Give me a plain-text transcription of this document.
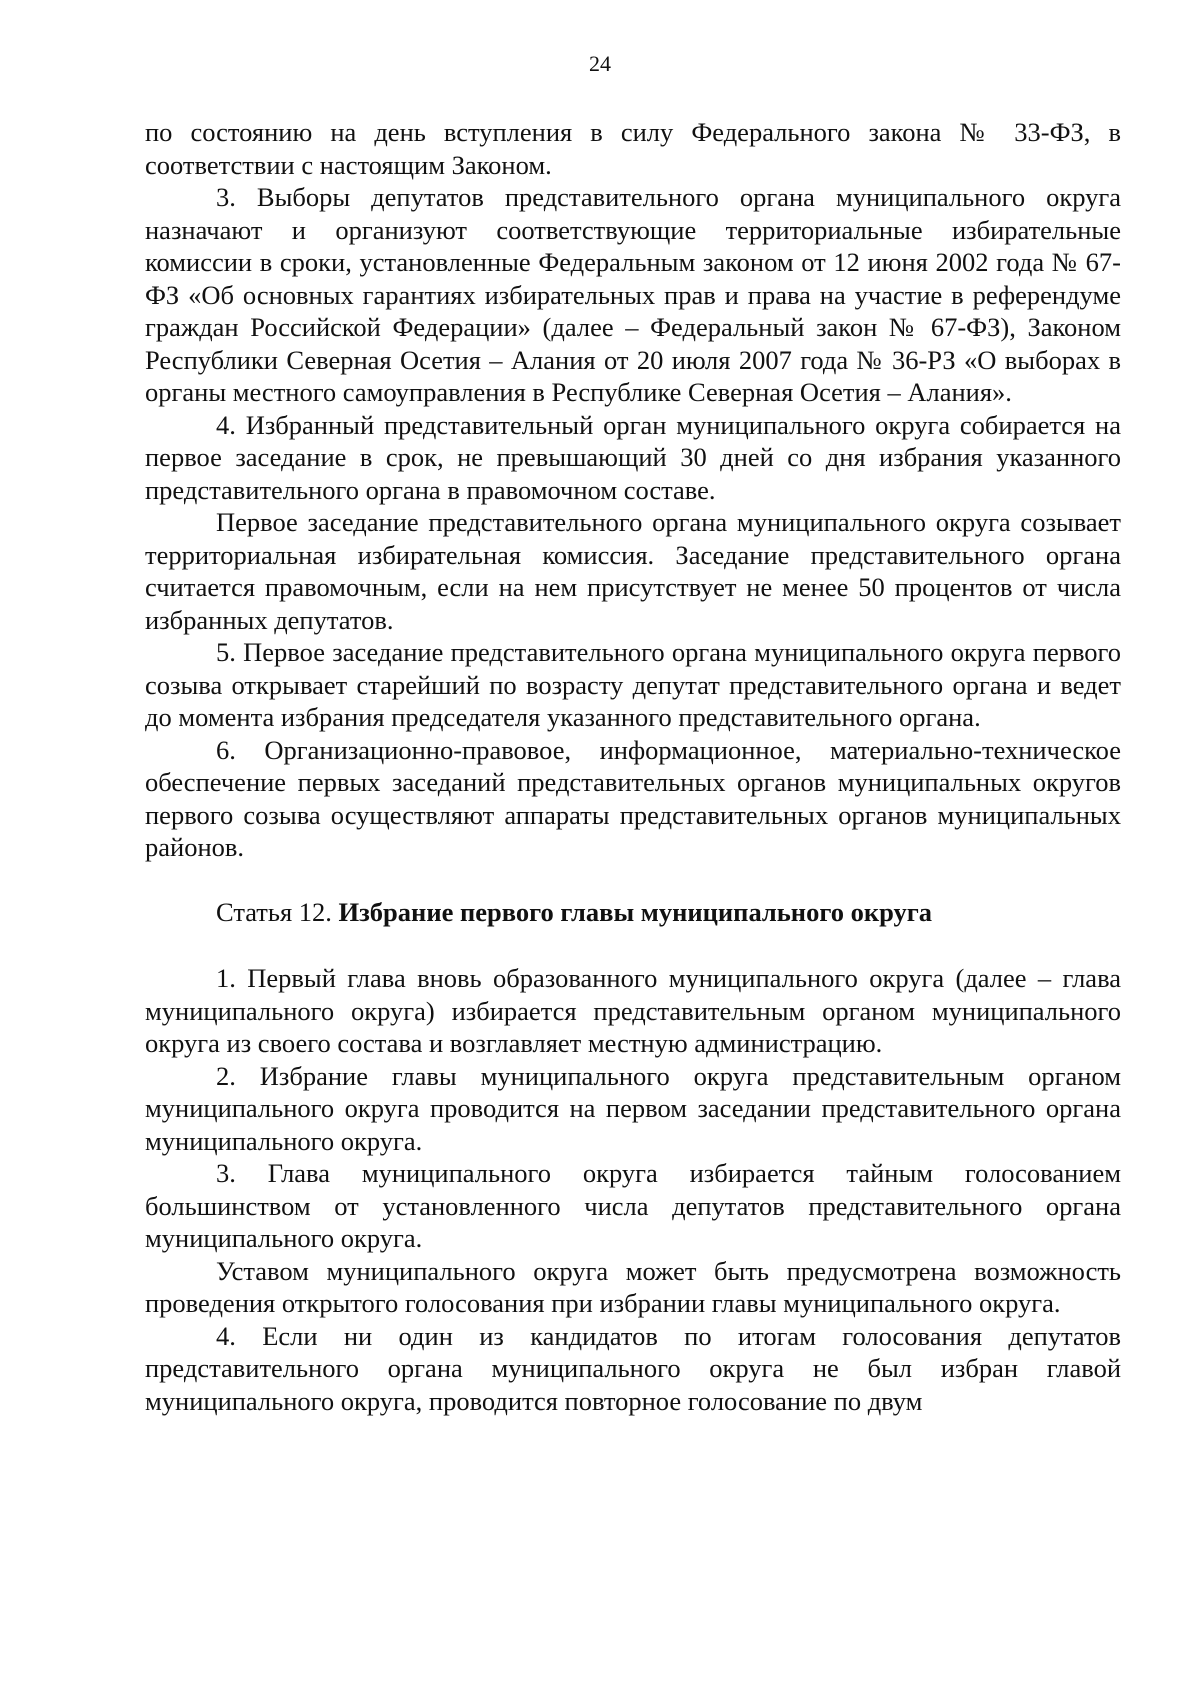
24

по состоянию на день вступления в силу Федерального закона № 33-ФЗ, в соответствии с настоящим Законом.

3. Выборы депутатов представительного органа муниципального округа назначают и организуют соответствующие территориальные избирательные комиссии в сроки, установленные Федеральным законом от 12 июня 2002 года № 67-ФЗ «Об основных гарантиях избирательных прав и права на участие в референдуме граждан Российской Федерации» (далее – Федеральный закон № 67-ФЗ), Законом Республики Северная Осетия – Алания от 20 июля 2007 года № 36-РЗ «О выборах в органы местного самоуправления в Республике Северная Осетия – Алания».

4. Избранный представительный орган муниципального округа собирается на первое заседание в срок, не превышающий 30 дней со дня избрания указанного представительного органа в правомочном составе.

Первое заседание представительного органа муниципального округа созывает территориальная избирательная комиссия. Заседание представительного органа считается правомочным, если на нем присутствует не менее 50 процентов от числа избранных депутатов.

5. Первое заседание представительного органа муниципального округа первого созыва открывает старейший по возрасту депутат представительного органа и ведет до момента избрания председателя указанного представительного органа.

6. Организационно-правовое, информационное, материально-техническое обеспечение первых заседаний представительных органов муниципальных округов первого созыва осуществляют аппараты представительных органов муниципальных районов.

Статья 12. Избрание первого главы муниципального округа

1. Первый глава вновь образованного муниципального округа (далее – глава муниципального округа) избирается представительным органом муниципального округа из своего состава и возглавляет местную администрацию.

2. Избрание главы муниципального округа представительным органом муниципального округа проводится на первом заседании представительного органа муниципального округа.

3. Глава муниципального округа избирается тайным голосованием большинством от установленного числа депутатов представительного органа муниципального округа.

Уставом муниципального округа может быть предусмотрена возможность проведения открытого голосования при избрании главы муниципального округа.

4. Если ни один из кандидатов по итогам голосования депутатов представительного органа муниципального округа не был избран главой муниципального округа, проводится повторное голосование по двум
